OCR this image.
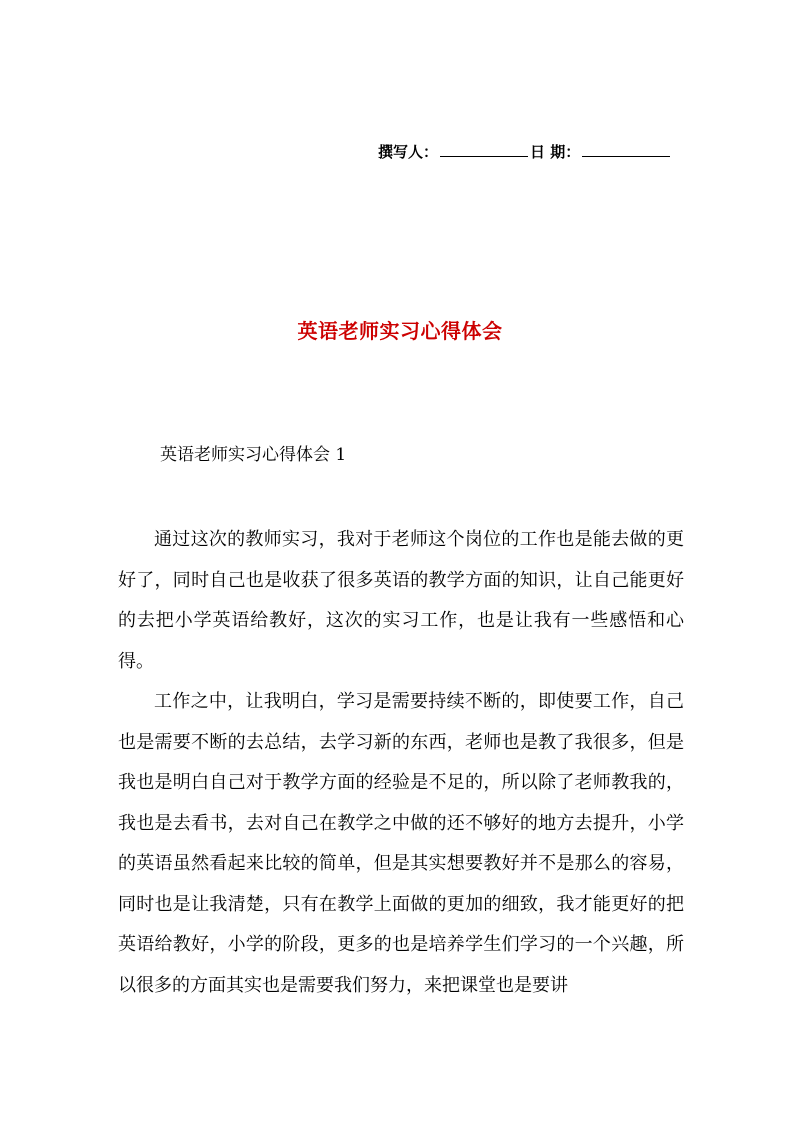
撰写人：	日 期：
英语老师实习心得体会
英语老师实习心得体会 1

通过这次的教师实习，我对于老师这个岗位的工作也是能去做的更好了，同时自己也是收获了很多英语的教学方面的知识，让自己能更好的去把小学英语给教好，这次的实习工作，也是让我有一些感悟和心得。

工作之中，让我明白，学习是需要持续不断的，即使要工作，自己也是需要不断的去总结，去学习新的东西，老师也是教了我很多，但是我也是明白自己对于教学方面的经验是不足的，所以除了老师教我的，我也是去看书，去对自己在教学之中做的还不够好的地方去提升，小学的英语虽然看起来比较的简单，但是其实想要教好并不是那么的容易，同时也是让我清楚，只有在教学上面做的更加的细致，我才能更好的把英语给教好，小学的阶段，更多的也是培养学生们学习的一个兴趣，所以很多的方面其实也是需要我们努力，来把课堂也是要讲
